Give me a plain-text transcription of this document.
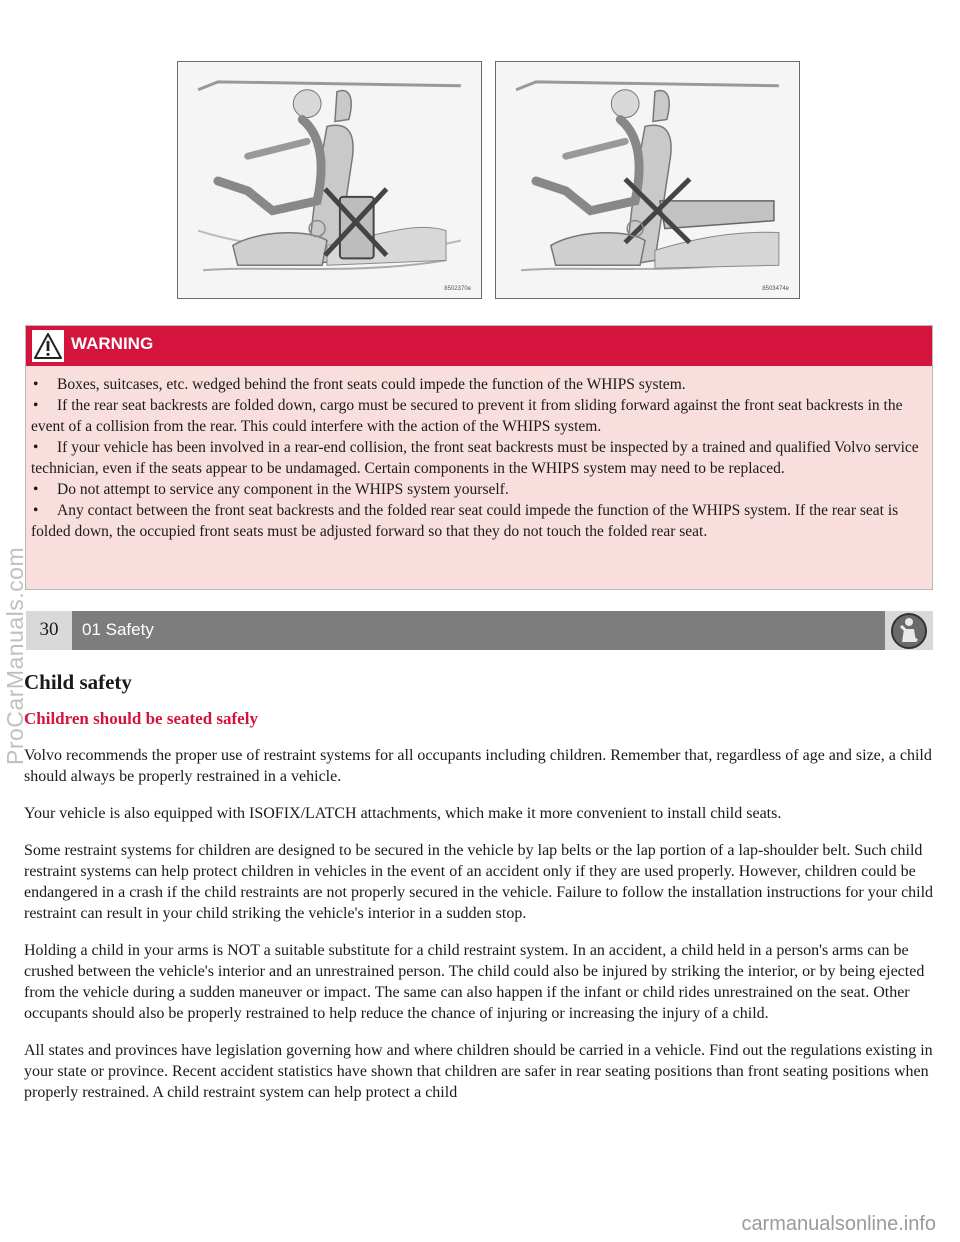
8502370e	8503474e
WARNING
• Boxes, suitcases, etc. wedged behind the front seats could impede the function of the WHIPS system.
• If the rear seat backrests are folded down, cargo must be secured to prevent it from sliding forward against the front seat backrests in the event of a collision from the rear. This could interfere with the action of the WHIPS system.
• If your vehicle has been involved in a rear-end collision, the front seat backrests must be inspected by a trained and qualified Volvo service technician, even if the seats appear to be undamaged. Certain components in the WHIPS system may need to be replaced.
• Do not attempt to service any component in the WHIPS system yourself.
• Any contact between the front seat backrests and the folded rear seat could impede the function of the WHIPS system. If the rear seat is folded down, the occupied front seats must be adjusted forward so that they do not touch the folded rear seat.
30	01 Safety
Child safety
Children should be seated safely

Volvo recommends the proper use of restraint systems for all occupants including children. Remember that, regardless of age and size, a child should always be properly restrained in a vehicle.

Your vehicle is also equipped with ISOFIX/LATCH attachments, which make it more convenient to install child seats.

Some restraint systems for children are designed to be secured in the vehicle by lap belts or the lap portion of a lap-shoulder belt. Such child restraint systems can help protect children in vehicles in the event of an accident only if they are used properly. However, children could be endangered in a crash if the child restraints are not properly secured in the vehicle. Failure to follow the installation instructions for your child restraint can result in your child striking the vehicle's interior in a sudden stop.

Holding a child in your arms is NOT a suitable substitute for a child restraint system. In an accident, a child held in a person's arms can be crushed between the vehicle's interior and an unrestrained person. The child could also be injured by striking the interior, or by being ejected from the vehicle during a sudden maneuver or impact. The same can also happen if the infant or child rides unrestrained on the seat. Other occupants should also be properly restrained to help reduce the chance of injuring or increasing the injury of a child.

All states and provinces have legislation governing how and where children should be carried in a vehicle. Find out the regulations existing in your state or province. Recent accident statistics have shown that children are safer in rear seating positions than front seating positions when properly restrained. A child restraint system can help protect a child

ProCarManuals.com
carmanualsonline.info
